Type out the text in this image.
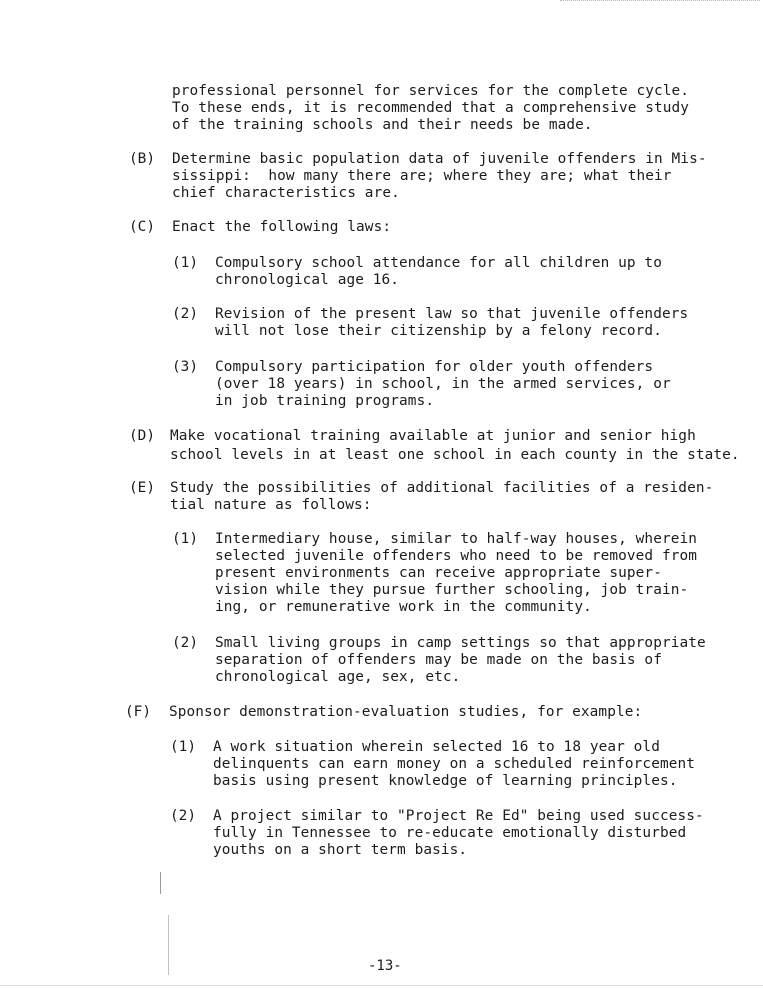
professional personnel for services for the complete cycle.
To these ends, it is recommended that a comprehensive study
of the training schools and their needs be made.
(B) Determine basic population data of juvenile offenders in Mis-
sissippi:  how many there are; where they are; what their
chief characteristics are.
(C) Enact the following laws:
(1) Compulsory school attendance for all children up to
chronological age 16.
(2) Revision of the present law so that juvenile offenders
will not lose their citizenship by a felony record.
(3) Compulsory participation for older youth offenders
(over 18 years) in school, in the armed services, or
in job training programs.
(D) Make vocational training available at junior and senior high
school levels in at least one school in each county in the state.
(E) Study the possibilities of additional facilities of a residen-
tial nature as follows:
(1) Intermediary house, similar to half-way houses, wherein
selected juvenile offenders who need to be removed from
present environments can receive appropriate super-
vision while they pursue further schooling, job train-
ing, or remunerative work in the community.
(2) Small living groups in camp settings so that appropriate
separation of offenders may be made on the basis of
chronological age, sex, etc.
(F) Sponsor demonstration-evaluation studies, for example:
(1) A work situation wherein selected 16 to 18 year old
delinquents can earn money on a scheduled reinforcement
basis using present knowledge of learning principles.
(2) A project similar to "Project Re Ed" being used success-
fully in Tennessee to re-educate emotionally disturbed
youths on a short term basis.
-13-
